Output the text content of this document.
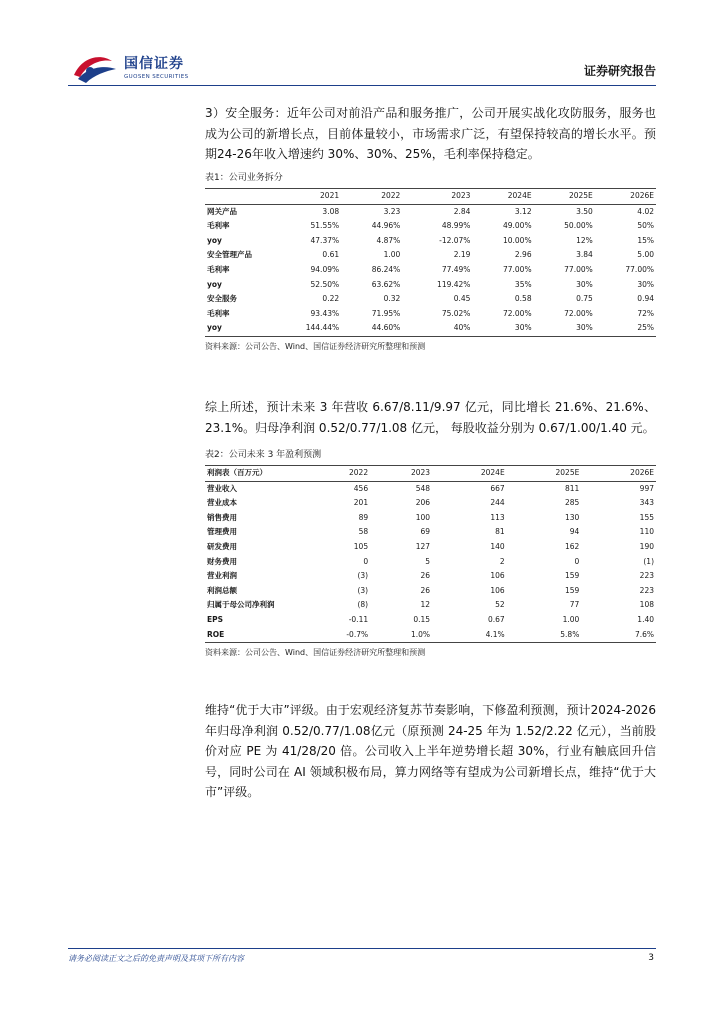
国信证券
GUOSEN SECURITIES	证券研究报告

3）安全服务：近年公司对前沿产品和服务推广，公司开展实战化攻防服务，服务也成为公司的新增长点，目前体量较小，市场需求广泛，有望保持较高的增长水平。预期24-26年收入增速约 30%、30%、25%，毛利率保持稳定。

表1：公司业务拆分
	2021	2022	2023	2024E	2025E	2026E
网关产品	3.08	3.23	2.84	3.12	3.50	4.02
毛利率	51.55%	44.96%	48.99%	49.00%	50.00%	50%
yoy	47.37%	4.87%	-12.07%	10.00%	12%	15%
安全管理产品	0.61	1.00	2.19	2.96	3.84	5.00
毛利率	94.09%	86.24%	77.49%	77.00%	77.00%	77.00%
yoy	52.50%	63.62%	119.42%	35%	30%	30%
安全服务	0.22	0.32	0.45	0.58	0.75	0.94
毛利率	93.43%	71.95%	75.02%	72.00%	72.00%	72%
yoy	144.44%	44.60%	40%	30%	30%	25%
资料来源：公司公告、Wind、国信证券经济研究所整理和预测

综上所述，预计未来 3 年营收 6.67/8.11/9.97 亿元，同比增长 21.6%、21.6%、23.1%。归母净利润 0.52/0.77/1.08 亿元， 每股收益分别为 0.67/1.00/1.40 元。

表2：公司未来 3 年盈利预测
利润表（百万元）	2022	2023	2024E	2025E	2026E
营业收入	456	548	667	811	997
营业成本	201	206	244	285	343
销售费用	89	100	113	130	155
管理费用	58	69	81	94	110
研发费用	105	127	140	162	190
财务费用	0	5	2	0	(1)
营业利润	(3)	26	106	159	223
利润总额	(3)	26	106	159	223
归属于母公司净利润	(8)	12	52	77	108
EPS	-0.11	0.15	0.67	1.00	1.40
ROE	-0.7%	1.0%	4.1%	5.8%	7.6%
资料来源：公司公告、Wind、国信证券经济研究所整理和预测

维持“优于大市”评级。由于宏观经济复苏节奏影响，下修盈利预测，预计2024-2026年归母净利润 0.52/0.77/1.08亿元（原预测 24-25 年为 1.52/2.22 亿元），当前股价对应 PE 为 41/28/20 倍。公司收入上半年逆势增长超 30%，行业有触底回升信号，同时公司在 AI 领域积极布局，算力网络等有望成为公司新增长点，维持“优于大市”评级。

请务必阅读正文之后的免责声明及其项下所有内容	3
